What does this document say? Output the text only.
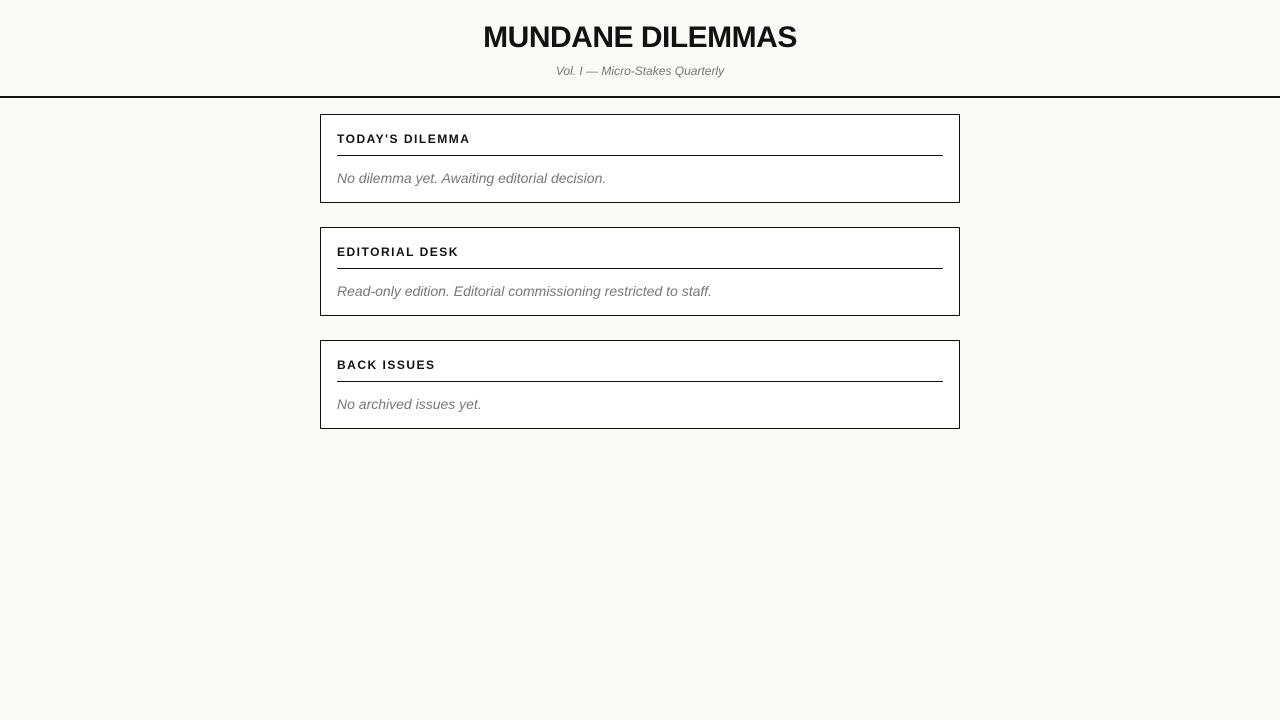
MUNDANE DILEMMAS
Vol. I — Micro-Stakes Quarterly
TODAY'S DILEMMA

No dilemma yet. Awaiting editorial decision.

EDITORIAL DESK

Read-only edition. Editorial commissioning restricted to staff.

BACK ISSUES

No archived issues yet.
